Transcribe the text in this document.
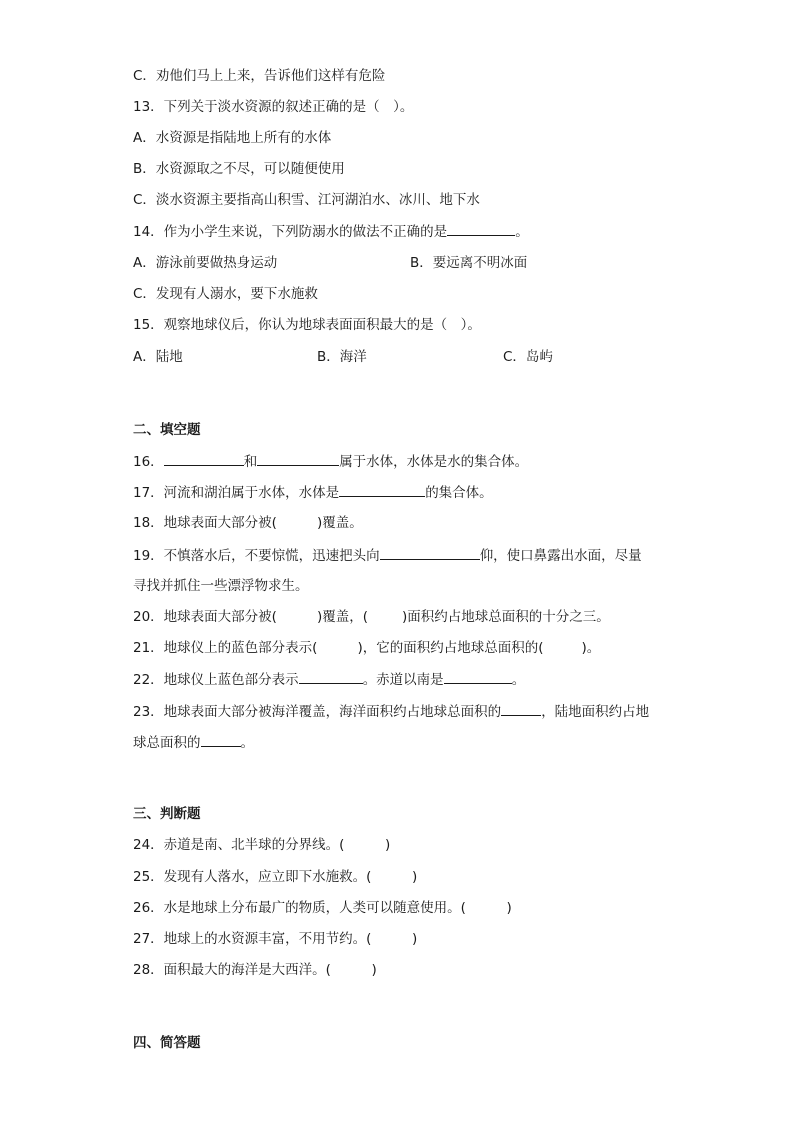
C．劝他们马上上来，告诉他们这样有危险
13．下列关于淡水资源的叙述正确的是（　）。
A．水资源是指陆地上所有的水体
B．水资源取之不尽，可以随便使用
C．淡水资源主要指高山积雪、江河湖泊水、冰川、地下水
14．作为小学生来说，下列防溺水的做法不正确的是	。
A．游泳前要做热身运动	B．要远离不明冰面
C．发现有人溺水，要下水施救
15．观察地球仪后，你认为地球表面面积最大的是（　）。
A．陆地	B．海洋	C．岛屿
二、填空题
16．	和	属于水体，水体是水的集合体。
17．河流和湖泊属于水体，水体是	的集合体。
18．地球表面大部分被(	)覆盖。
19．不慎落水后，不要惊慌，迅速把头向	仰，使口鼻露出水面，尽量
寻找并抓住一些漂浮物求生。
20．地球表面大部分被(	)覆盖，(	)面积约占地球总面积的十分之三。
21．地球仪上的蓝色部分表示(	)，它的面积约占地球总面积的(	)。
22．地球仪上蓝色部分表示	。赤道以南是	。
23．地球表面大部分被海洋覆盖，海洋面积约占地球总面积的	，陆地面积约占地
球总面积的	。
三、判断题
24．赤道是南、北半球的分界线。(　　　)
25．发现有人落水，应立即下水施救。(　　　)
26．水是地球上分布最广的物质，人类可以随意使用。(　　　)
27．地球上的水资源丰富，不用节约。(　　　)
28．面积最大的海洋是大西洋。(　　　)
四、简答题
